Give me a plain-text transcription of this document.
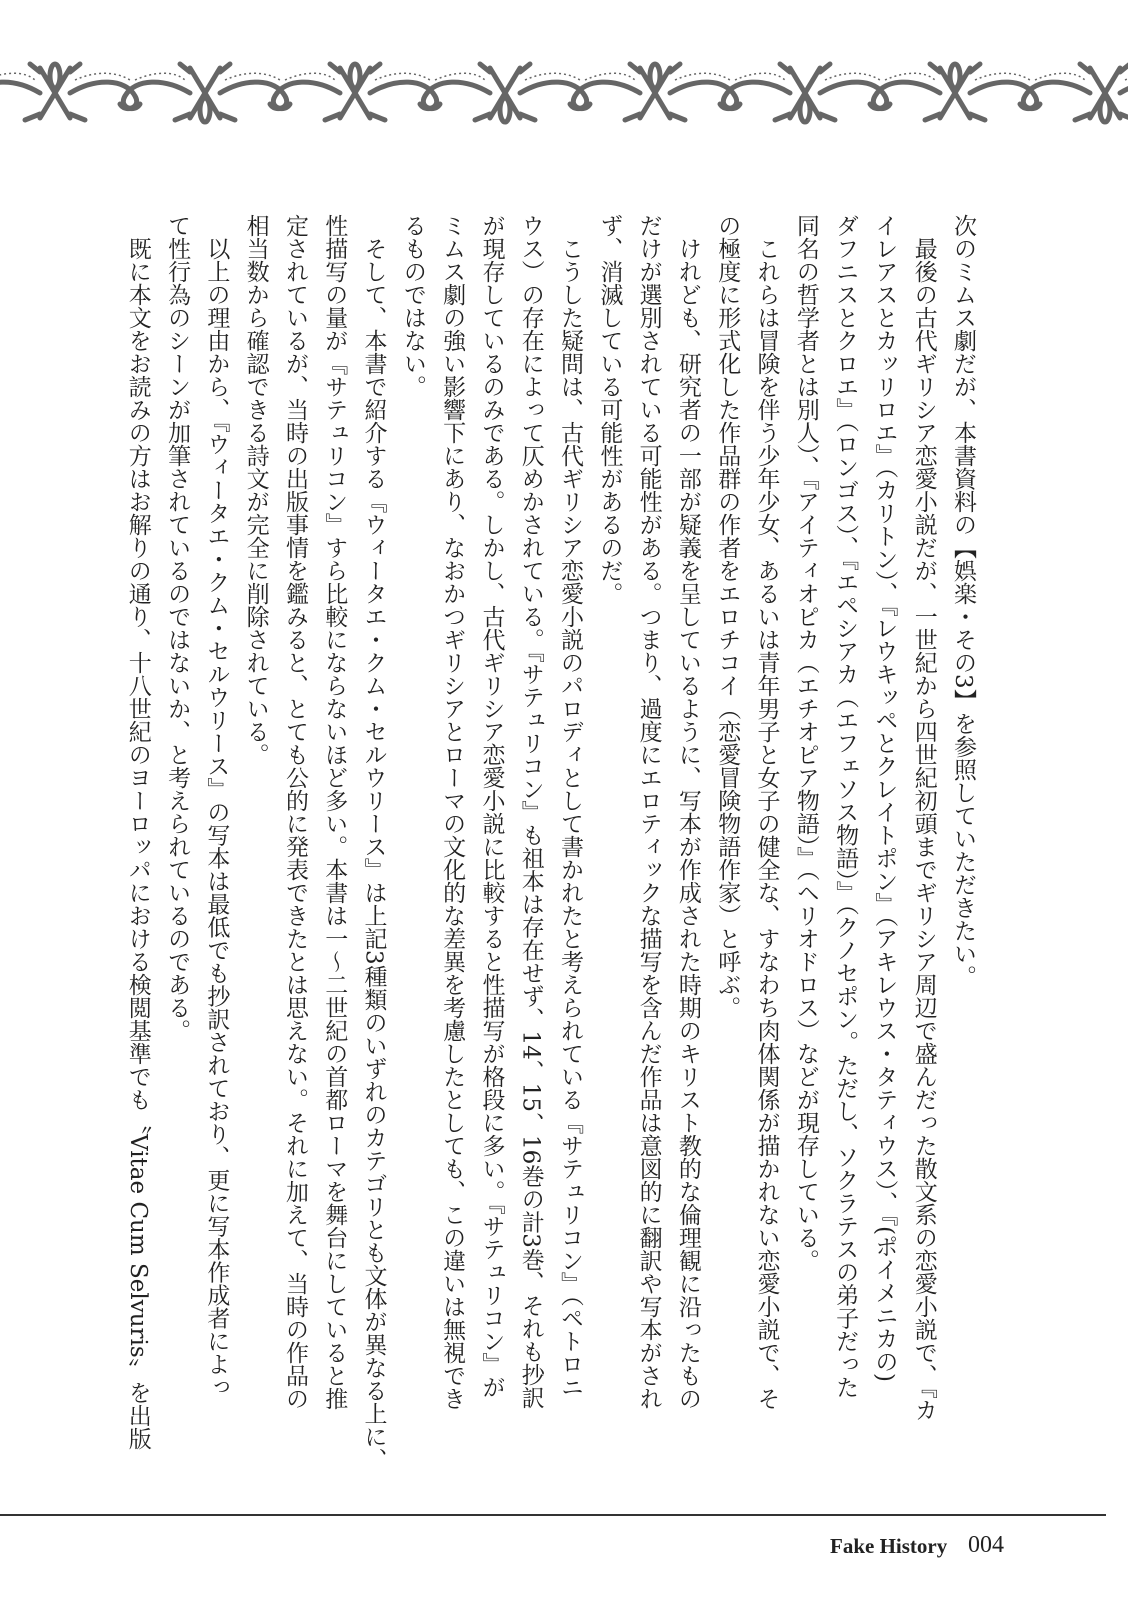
次のミムス劇だが、本書資料の【娯楽・その3】を参照していただきたい。
　最後の古代ギリシア恋愛小説だが、一世紀から四世紀初頭までギリシア周辺で盛んだった散文系の恋愛小説で、『カ
イレアスとカッリロエ』（カリトン）、『レウキッペとクレイトポン』（アキレウス・タティウス）、『(ポイメニカの)
ダフニスとクロエ』（ロンゴス）、『エペシアカ（エフェソス物語）』（クノセポン。ただし、ソクラテスの弟子だった
同名の哲学者とは別人）、『アイティオピカ（エチオピア物語）』（ヘリオドロス）などが現存している。
　これらは冒険を伴う少年少女、あるいは青年男子と女子の健全な、すなわち肉体関係が描かれない恋愛小説で、そ
の極度に形式化した作品群の作者をエロチコイ（恋愛冒険物語作家）と呼ぶ。
　けれども、研究者の一部が疑義を呈しているように、写本が作成された時期のキリスト教的な倫理観に沿ったもの
だけが選別されている可能性がある。つまり、過度にエロティックな描写を含んだ作品は意図的に翻訳や写本がされ
ず、消滅している可能性があるのだ。
　こうした疑問は、古代ギリシア恋愛小説のパロディとして書かれたと考えられている『サテュリコン』（ペトロニ
ウス）の存在によって仄めかされている。『サテュリコン』も祖本は存在せず、14、15、16巻の計3巻、それも抄訳
が現存しているのみである。しかし、古代ギリシア恋愛小説に比較すると性描写が格段に多い。『サテュリコン』が
ミムス劇の強い影響下にあり、なおかつギリシアとローマの文化的な差異を考慮したとしても、この違いは無視でき
るものではない。
　そして、本書で紹介する『ウィータエ・クム・セルウリース』は上記3種類のいずれのカテゴリとも文体が異なる上に、
性描写の量が『サテュリコン』すら比較にならないほど多い。本書は一～二世紀の首都ローマを舞台にしていると推
定されているが、当時の出版事情を鑑みると、とても公的に発表できたとは思えない。それに加えて、当時の作品の
相当数から確認できる詩文が完全に削除されている。
　以上の理由から、『ウィータエ・クム・セルウリース』の写本は最低でも抄訳されており、更に写本作成者によっ
て性行為のシーンが加筆されているのではないか、と考えられているのである。
　既に本文をお読みの方はお解りの通り、十八世紀のヨーロッパにおける検閲基準でも〝Vitae Cum Selvuris〟を出版
Fake History 004
